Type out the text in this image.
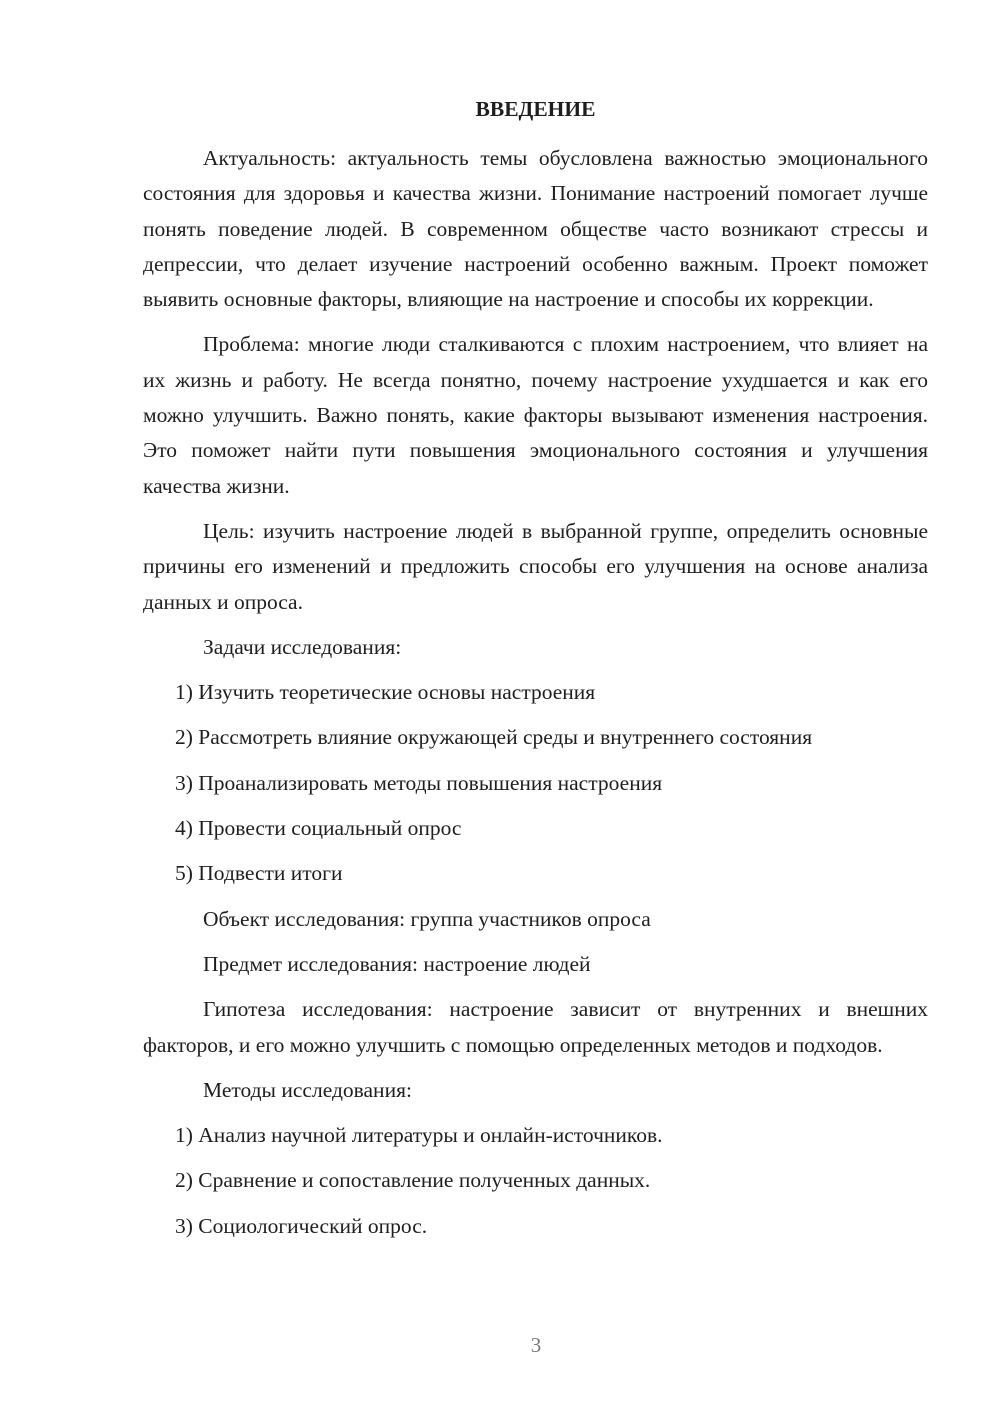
ВВЕДЕНИЕ

Актуальность: актуальность темы обусловлена важностью эмоционального состояния для здоровья и качества жизни. Понимание настроений помогает лучше понять поведение людей. В современном обществе часто возникают стрессы и депрессии, что делает изучение настроений особенно важным. Проект поможет выявить основные факторы, влияющие на настроение и способы их коррекции.

Проблема: многие люди сталкиваются с плохим настроением, что влияет на их жизнь и работу. Не всегда понятно, почему настроение ухудшается и как его можно улучшить. Важно понять, какие факторы вызывают изменения настроения. Это поможет найти пути повышения эмоционального состояния и улучшения качества жизни.

Цель: изучить настроение людей в выбранной группе, определить основные причины его изменений и предложить способы его улучшения на основе анализа данных и опроса.

Задачи исследования:

1) Изучить теоретические основы настроения
2) Рассмотреть влияние окружающей среды и внутреннего состояния
3) Проанализировать методы повышения настроения
4) Провести социальный опрос
5) Подвести итоги

Объект исследования: группа участников опроса

Предмет исследования: настроение людей

Гипотеза исследования: настроение зависит от внутренних и внешних факторов, и его можно улучшить с помощью определенных методов и подходов.

Методы исследования:

1) Анализ научной литературы и онлайн-источников.
2) Сравнение и сопоставление полученных данных.
3) Социологический опрос.
3
